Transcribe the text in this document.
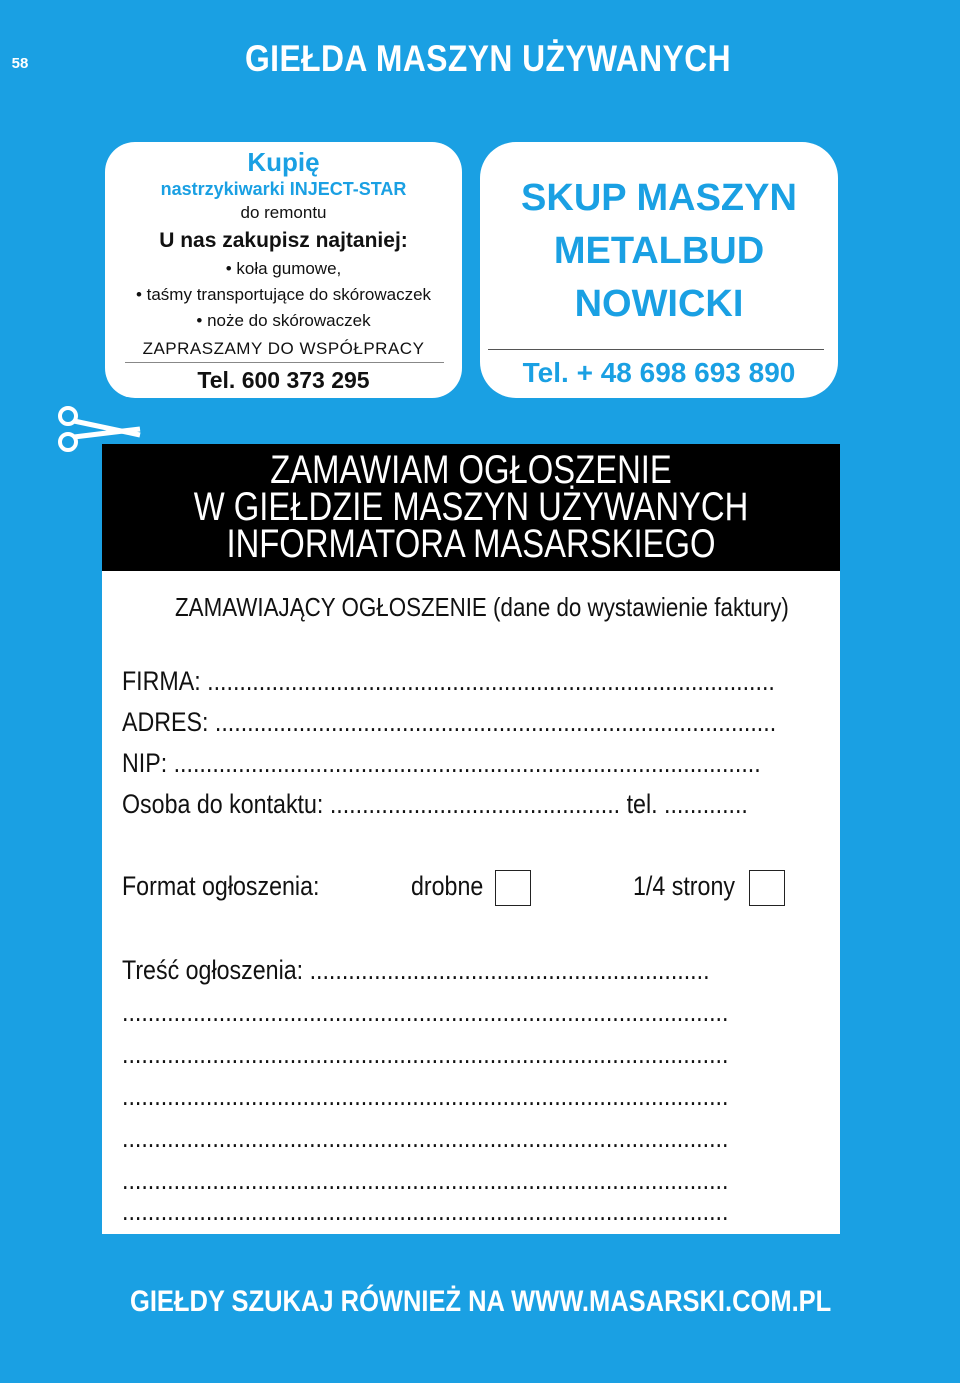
58	GIEŁDA MASZYN UŻYWANYCH
Kupię
nastrzykiwarki INJECT-STAR
do remontu
U nas zakupisz najtaniej:
• koła gumowe,
• taśmy transportujące do skórowaczek
• noże do skórowaczek
ZAPRASZAMY DO WSPÓŁPRACY
Tel. 600 373 295
SKUP MASZYN
METALBUD
NOWICKI
Tel. + 48 698 693 890
ZAMAWIAM OGŁOSZENIE
W GIEŁDZIE MASZYN UŻYWANYCH
INFORMATORA MASARSKIEGO
ZAMAWIAJĄCY OGŁOSZENIE (dane do wystawienie faktury)
FIRMA: ........................................................................................
ADRES: .......................................................................................
NIP: ...........................................................................................
Osoba do kontaktu: ............................................. tel. .............
Format ogłoszenia:	drobne	1/4 strony
Treść ogłoszenia: ..............................................................
..............................................................................................
..............................................................................................
..............................................................................................
..............................................................................................
..............................................................................................
..............................................................................................
GIEŁDY SZUKAJ RÓWNIEŻ NA WWW.MASARSKI.COM.PL
